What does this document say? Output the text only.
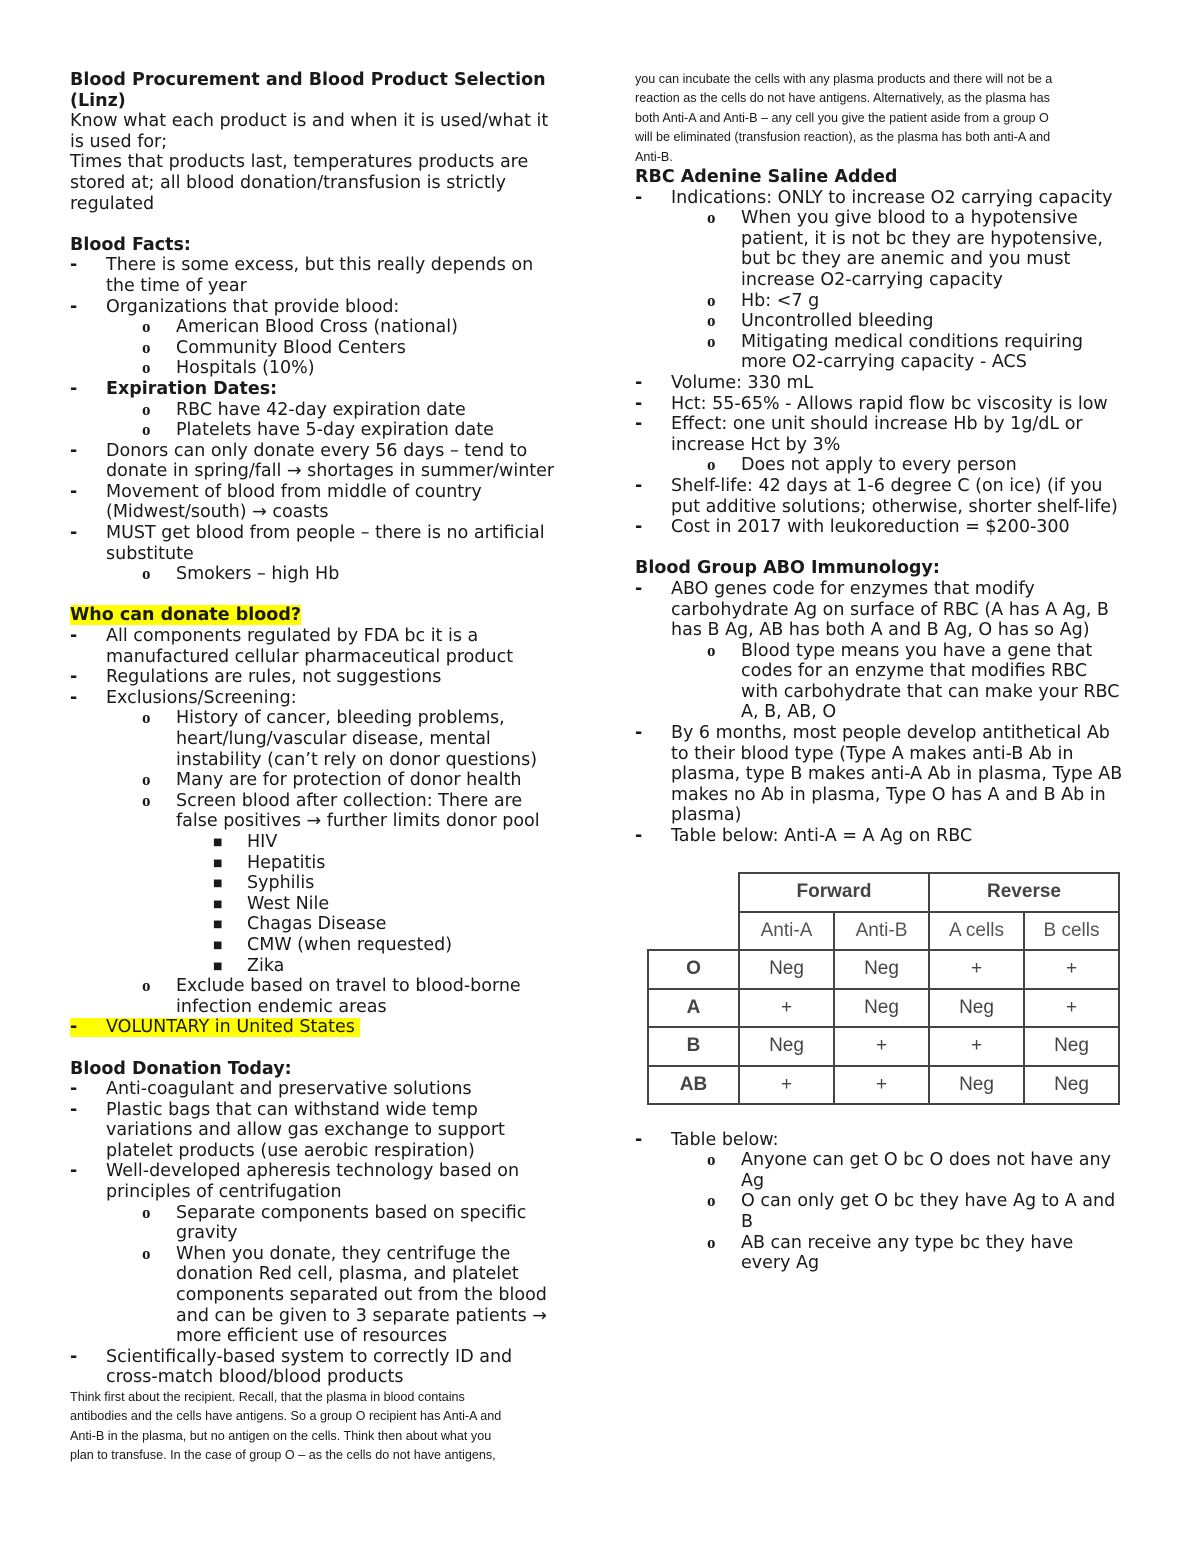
Blood Procurement and Blood Product Selection
(Linz)
Know what each product is and when it is used/what it
is used for;
Times that products last, temperatures products are
stored at; all blood donation/transfusion is strictly
regulated
Blood Facts:
- There is some excess, but this really depends on
the time of year
- Organizations that provide blood:
o American Blood Cross (national)
o Community Blood Centers
o Hospitals (10%)
- Expiration Dates:
o RBC have 42-day expiration date
o Platelets have 5-day expiration date
- Donors can only donate every 56 days – tend to
donate in spring/fall → shortages in summer/winter
- Movement of blood from middle of country
(Midwest/south) → coasts
- MUST get blood from people – there is no artificial
substitute
o Smokers – high Hb
Who can donate blood?
- All components regulated by FDA bc it is a
manufactured cellular pharmaceutical product
- Regulations are rules, not suggestions
- Exclusions/Screening:
o History of cancer, bleeding problems,
heart/lung/vascular disease, mental
instability (can’t rely on donor questions)
o Many are for protection of donor health
o Screen blood after collection: There are
false positives → further limits donor pool
■ HIV
■ Hepatitis
■ Syphilis
■ West Nile
■ Chagas Disease
■ CMW (when requested)
■ Zika
o Exclude based on travel to blood-borne
infection endemic areas
- VOLUNTARY in United States
Blood Donation Today:
- Anti-coagulant and preservative solutions
- Plastic bags that can withstand wide temp
variations and allow gas exchange to support
platelet products (use aerobic respiration)
- Well-developed apheresis technology based on
principles of centrifugation
o Separate components based on specific
gravity
o When you donate, they centrifuge the
donation Red cell, plasma, and platelet
components separated out from the blood
and can be given to 3 separate patients →
more efficient use of resources
- Scientifically-based system to correctly ID and
cross-match blood/blood products
Think first about the recipient. Recall, that the plasma in blood contains
antibodies and the cells have antigens. So a group O recipient has Anti-A and
Anti-B in the plasma, but no antigen on the cells. Think then about what you
plan to transfuse. In the case of group O – as the cells do not have antigens,
you can incubate the cells with any plasma products and there will not be a
reaction as the cells do not have antigens. Alternatively, as the plasma has
both Anti-A and Anti-B – any cell you give the patient aside from a group O
will be eliminated (transfusion reaction), as the plasma has both anti-A and
Anti-B.
RBC Adenine Saline Added
- Indications: ONLY to increase O2 carrying capacity
o When you give blood to a hypotensive
patient, it is not bc they are hypotensive,
but bc they are anemic and you must
increase O2-carrying capacity
o Hb: <7 g
o Uncontrolled bleeding
o Mitigating medical conditions requiring
more O2-carrying capacity - ACS
- Volume: 330 mL
- Hct: 55-65% - Allows rapid flow bc viscosity is low
- Effect: one unit should increase Hb by 1g/dL or
increase Hct by 3%
o Does not apply to every person
- Shelf-life: 42 days at 1-6 degree C (on ice) (if you
put additive solutions; otherwise, shorter shelf-life)
- Cost in 2017 with leukoreduction = $200-300
Blood Group ABO Immunology:
- ABO genes code for enzymes that modify
carbohydrate Ag on surface of RBC (A has A Ag, B
has B Ag, AB has both A and B Ag, O has so Ag)
o Blood type means you have a gene that
codes for an enzyme that modifies RBC
with carbohydrate that can make your RBC
A, B, AB, O
- By 6 months, most people develop antithetical Ab
to their blood type (Type A makes anti-B Ab in
plasma, type B makes anti-A Ab in plasma, Type AB
makes no Ab in plasma, Type O has A and B Ab in
plasma)
- Table below: Anti-A = A Ag on RBC
- Table below:
o Anyone can get O bc O does not have any
Ag
o O can only get O bc they have Ag to A and
B
o AB can receive any type bc they have
every Ag
	Forward		Reverse	
	Anti-A	Anti-B	A cells	B cells
O	Neg	Neg	+	+
A	+	Neg	Neg	+
B	Neg	+	+	Neg
AB	+	+	Neg	Neg
